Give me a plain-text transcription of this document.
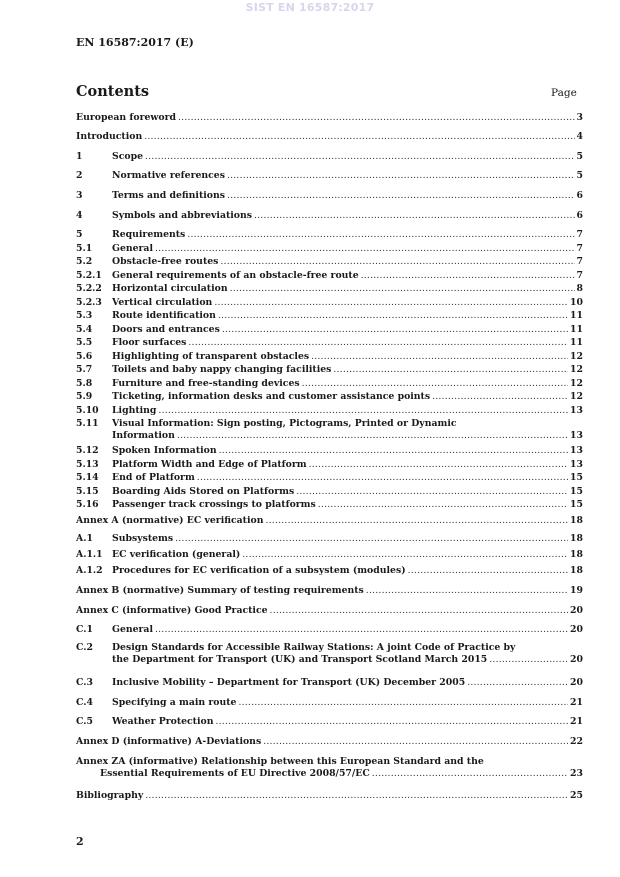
SIST EN 16587:2017
EN 16587:2017 (E)
Contents	Page
European foreword .....	3
Introduction .....	4
1	Scope .....	5
2	Normative references .....	5
3	Terms and definitions .....	6
4	Symbols and abbreviations .....	6
5	Requirements .....	7
5.1	General .....	7
5.2	Obstacle-free routes .....	7
5.2.1	General requirements of an obstacle-free route .....	7
5.2.2	Horizontal circulation .....	8
5.2.3	Vertical circulation .....	10
5.3	Route identification .....	11
5.4	Doors and entrances .....	11
5.5	Floor surfaces .....	11
5.6	Highlighting of transparent obstacles .....	12
5.7	Toilets and baby nappy changing facilities .....	12
5.8	Furniture and free-standing devices .....	12
5.9	Ticketing, information desks and customer assistance points .....	12
5.10	Lighting .....	13
5.11 Visual Information: Sign posting, Pictograms, Printed or Dynamic
Information .....	13
5.12	Spoken Information .....	13
5.13	Platform Width and Edge of Platform .....	13
5.14	End of Platform .....	15
5.15	Boarding Aids Stored on Platforms .....	15
5.16	Passenger track crossings to platforms .....	15
Annex A (normative) EC verification .....	18
A.1	Subsystems .....	18
A.1.1	EC verification (general) .....	18
A.1.2	Procedures for EC verification of a subsystem (modules) .....	18
Annex B (normative) Summary of testing requirements .....	19
Annex C (informative) Good Practice .....	20
C.1	General .....	20
C.2 Design Standards for Accessible Railway Stations: A joint Code of Practice by
the Department for Transport (UK) and Transport Scotland March 2015 .....	20
C.3	Inclusive Mobility – Department for Transport (UK) December 2005 .....	20
C.4	Specifying a main route .....	21
C.5	Weather Protection .....	21
Annex D (informative) A-Deviations .....	22
Annex ZA (informative) Relationship between this European Standard and the
Essential Requirements of EU Directive 2008/57/EC .....	23
Bibliography .....	25
2
